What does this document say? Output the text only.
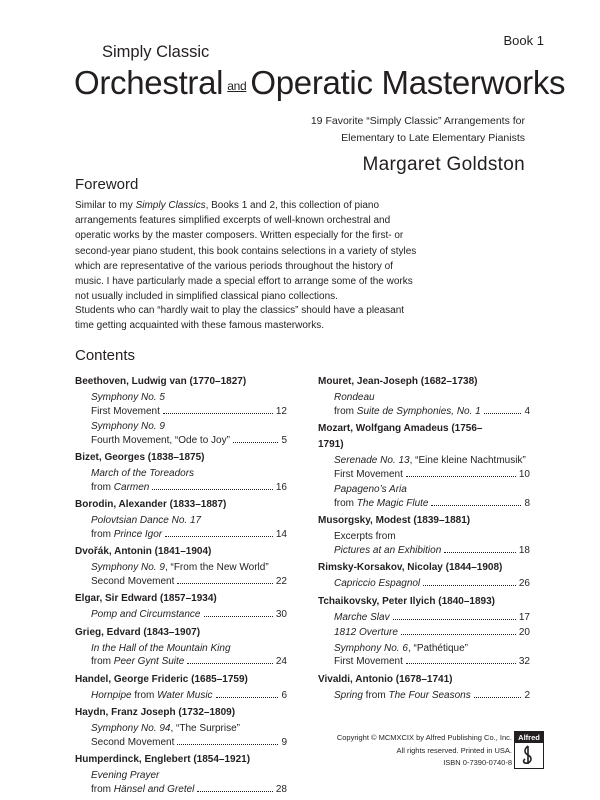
Book 1
Simply Classic
Orchestral and Operatic Masterworks
19 Favorite “Simply Classic” Arrangements for
Elementary to Late Elementary Pianists
Margaret Goldston
Foreword
Similar to my Simply Classics, Books 1 and 2, this collection of piano arrangements features simplified excerpts of well-known orchestral and operatic works by the master composers. Written especially for the first- or second-year piano student, this book contains selections in a variety of styles which are representative of the various periods throughout the history of music. I have particularly made a special effort to arrange some of the works not usually included in simplified classical piano collections.
Students who can “hardly wait to play the classics” should have a pleasant time getting acquainted with these famous masterworks.
Contents
Beethoven, Ludwig van (1770–1827)
Symphony No. 5
First Movement	12
Symphony No. 9
Fourth Movement, “Ode to Joy”	5
Bizet, Georges (1838–1875)
March of the Toreadors
from Carmen	16
Borodin, Alexander (1833–1887)
Polovtsian Dance No. 17
from Prince Igor	14
Dvořák, Antonin (1841–1904)
Symphony No. 9, “From the New World”
Second Movement	22
Elgar, Sir Edward (1857–1934)
Pomp and Circumstance	30
Grieg, Edvard (1843–1907)
In the Hall of the Mountain King
from Peer Gynt Suite	24
Handel, George Frideric (1685–1759)
Hornpipe from Water Music	6
Haydn, Franz Joseph (1732–1809)
Symphony No. 94, “The Surprise”
Second Movement	9
Humperdinck, Englebert (1854–1921)
Evening Prayer
from Hänsel and Gretel	28
Mouret, Jean-Joseph (1682–1738)
Rondeau
from Suite de Symphonies, No. 1	4
Mozart, Wolfgang Amadeus (1756–
1791)
Serenade No. 13, “Eine kleine Nachtmusik”
First Movement	10
Papageno’s Aria
from The Magic Flute	8
Musorgsky, Modest (1839–1881)
Excerpts from
Pictures at an Exhibition	18
Rimsky-Korsakov, Nicolay (1844–1908)
Capriccio Espagnol	26
Tchaikovsky, Peter Ilyich (1840–1893)
Marche Slav	17
1812 Overture	20
Symphony No. 6, “Pathétique”
First Movement	32
Vivaldi, Antonio (1678–1741)
Spring from The Four Seasons	2
Copyright © MCMXCIX by Alfred Publishing Co., Inc.
All rights reserved. Printed in USA.
ISBN 0-7390-0740-8
Alfred
